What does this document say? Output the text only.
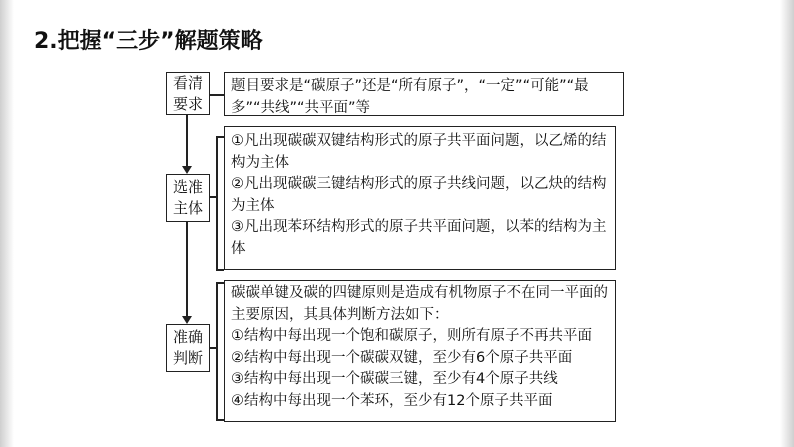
2.把握“三步”解题策略
看清要求

题目要求是“碳原子”还是“所有原子”，“一定”“可能”“最多”“共线”“共平面”等

选准主体

①凡出现碳碳双键结构形式的原子共平面问题，以乙烯的结构为主体

②凡出现碳碳三键结构形式的原子共线问题，以乙炔的结构为主体

③凡出现苯环结构形式的原子共平面问题，以苯的结构为主体

准确判断

碳碳单键及碳的四键原则是造成有机物原子不在同一平面的主要原因，其具体判断方法如下：

①结构中每出现一个饱和碳原子，则所有原子不再共平面

②结构中每出现一个碳碳双键，至少有6个原子共平面

③结构中每出现一个碳碳三键，至少有4个原子共线

④结构中每出现一个苯环，至少有12个原子共平面
